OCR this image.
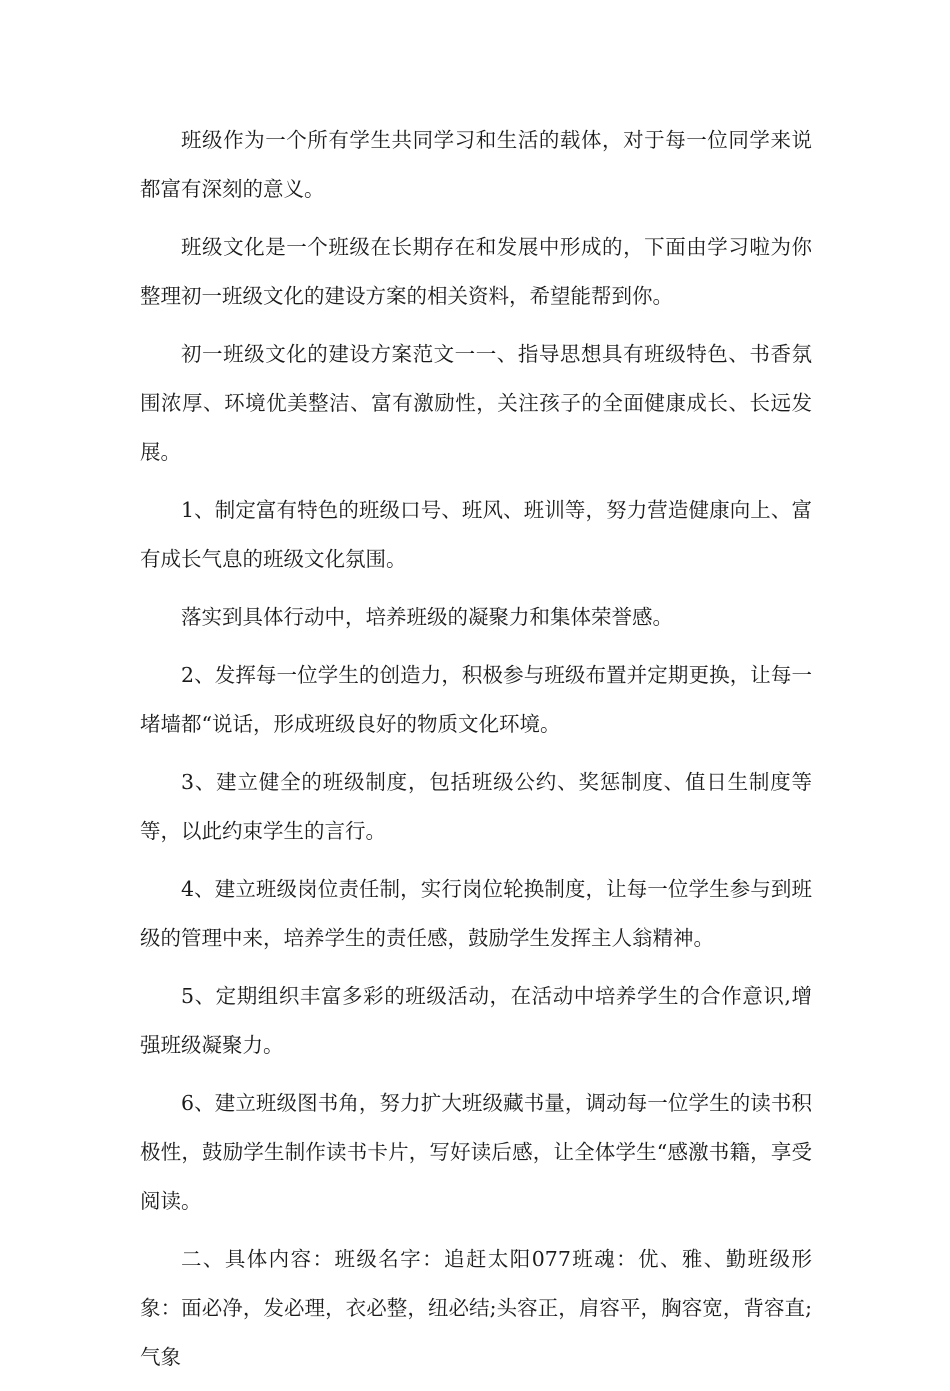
班级作为一个所有学生共同学习和生活的载体，对于每一位同学来说都富有深刻的意义。

班级文化是一个班级在长期存在和发展中形成的，下面由学习啦为你整理初一班级文化的建设方案的相关资料，希望能帮到你。

初一班级文化的建设方案范文一一、指导思想具有班级特色、书香氛围浓厚、环境优美整洁、富有激励性，关注孩子的全面健康成长、长远发展。

1、制定富有特色的班级口号、班风、班训等，努力营造健康向上、富有成长气息的班级文化氛围。

落实到具体行动中，培养班级的凝聚力和集体荣誉感。

2、发挥每一位学生的创造力，积极参与班级布置并定期更换，让每一堵墙都“说话，形成班级良好的物质文化环境。

3、建立健全的班级制度，包括班级公约、奖惩制度、值日生制度等等，以此约束学生的言行。

4、建立班级岗位责任制，实行岗位轮换制度，让每一位学生参与到班级的管理中来，培养学生的责任感，鼓励学生发挥主人翁精神。

5、定期组织丰富多彩的班级活动，在活动中培养学生的合作意识,增强班级凝聚力。

6、建立班级图书角，努力扩大班级藏书量，调动每一位学生的读书积极性，鼓励学生制作读书卡片，写好读后感，让全体学生“感激书籍，享受阅读。

二、具体内容：班级名字：追赶太阳077班魂：优、雅、勤班级形象：面必净，发必理，衣必整，纽必结;头容正，肩容平，胸容宽，背容直;气象
